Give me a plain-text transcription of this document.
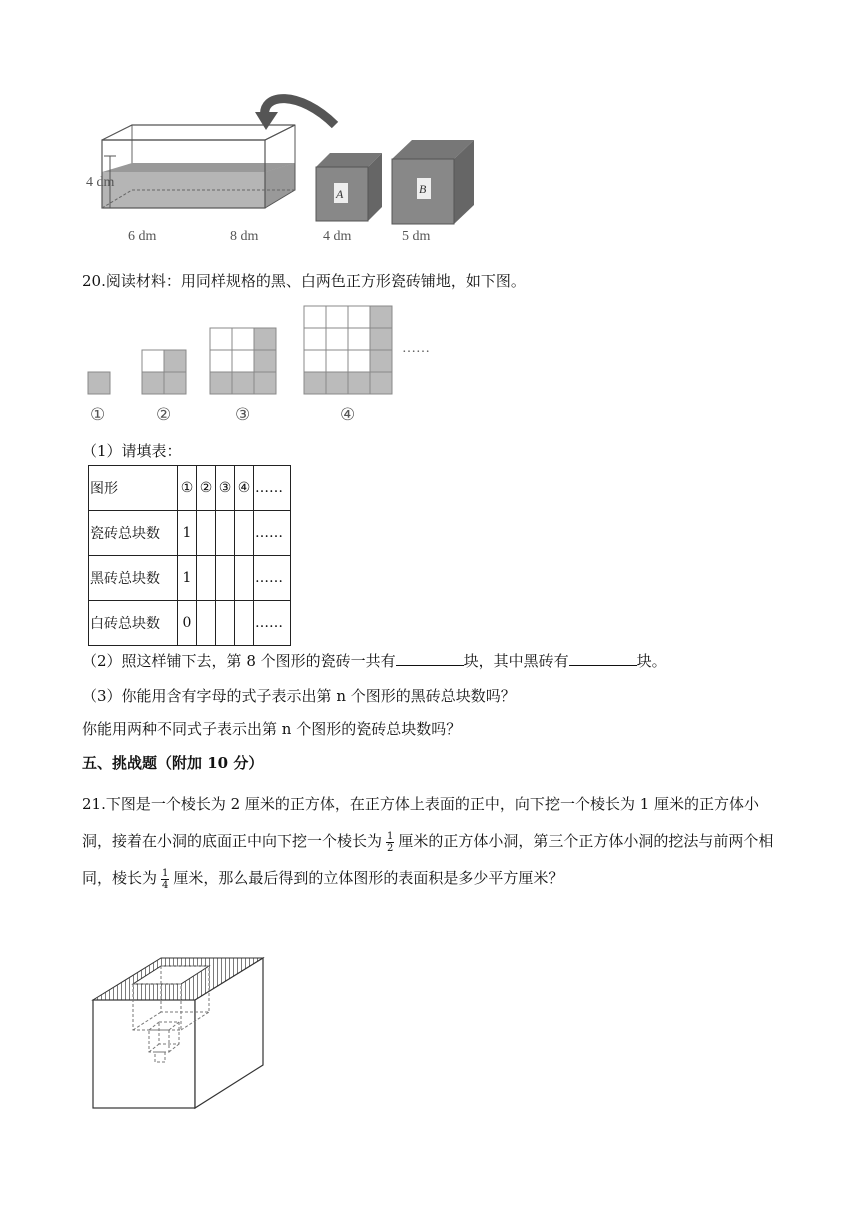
4 dm
6 dm	8 dm
A
4 dm
B
5 dm
20.阅读材料：用同样规格的黑、白两色正方形瓷砖铺地，如下图。
……
①	②	③	④
（1）请填表：
图形	①	②	③	④	……
瓷砖总块数	1				……
黑砖总块数	1				……
白砖总块数	0				……
（2）照这样铺下去，第 8 个图形的瓷砖一共有	块，其中黑砖有	块。
（3）你能用含有字母的式子表示出第 n 个图形的黑砖总块数吗？
你能用两种不同式子表示出第 n 个图形的瓷砖总块数吗？
五、挑战题（附加 10 分）
21.下图是一个棱长为 2 厘米的正方体，在正方体上表面的正中，向下挖一个棱长为 1 厘米的正方体小洞，接着在小洞的底面正中向下挖一个棱长为 $\frac{1}{2}$ 厘米的正方体小洞，第三个正方体小洞的挖法与前两个相同，棱长为 $\frac{1}{4}$ 厘米，那么最后得到的立体图形的表面积是多少平方厘米？
